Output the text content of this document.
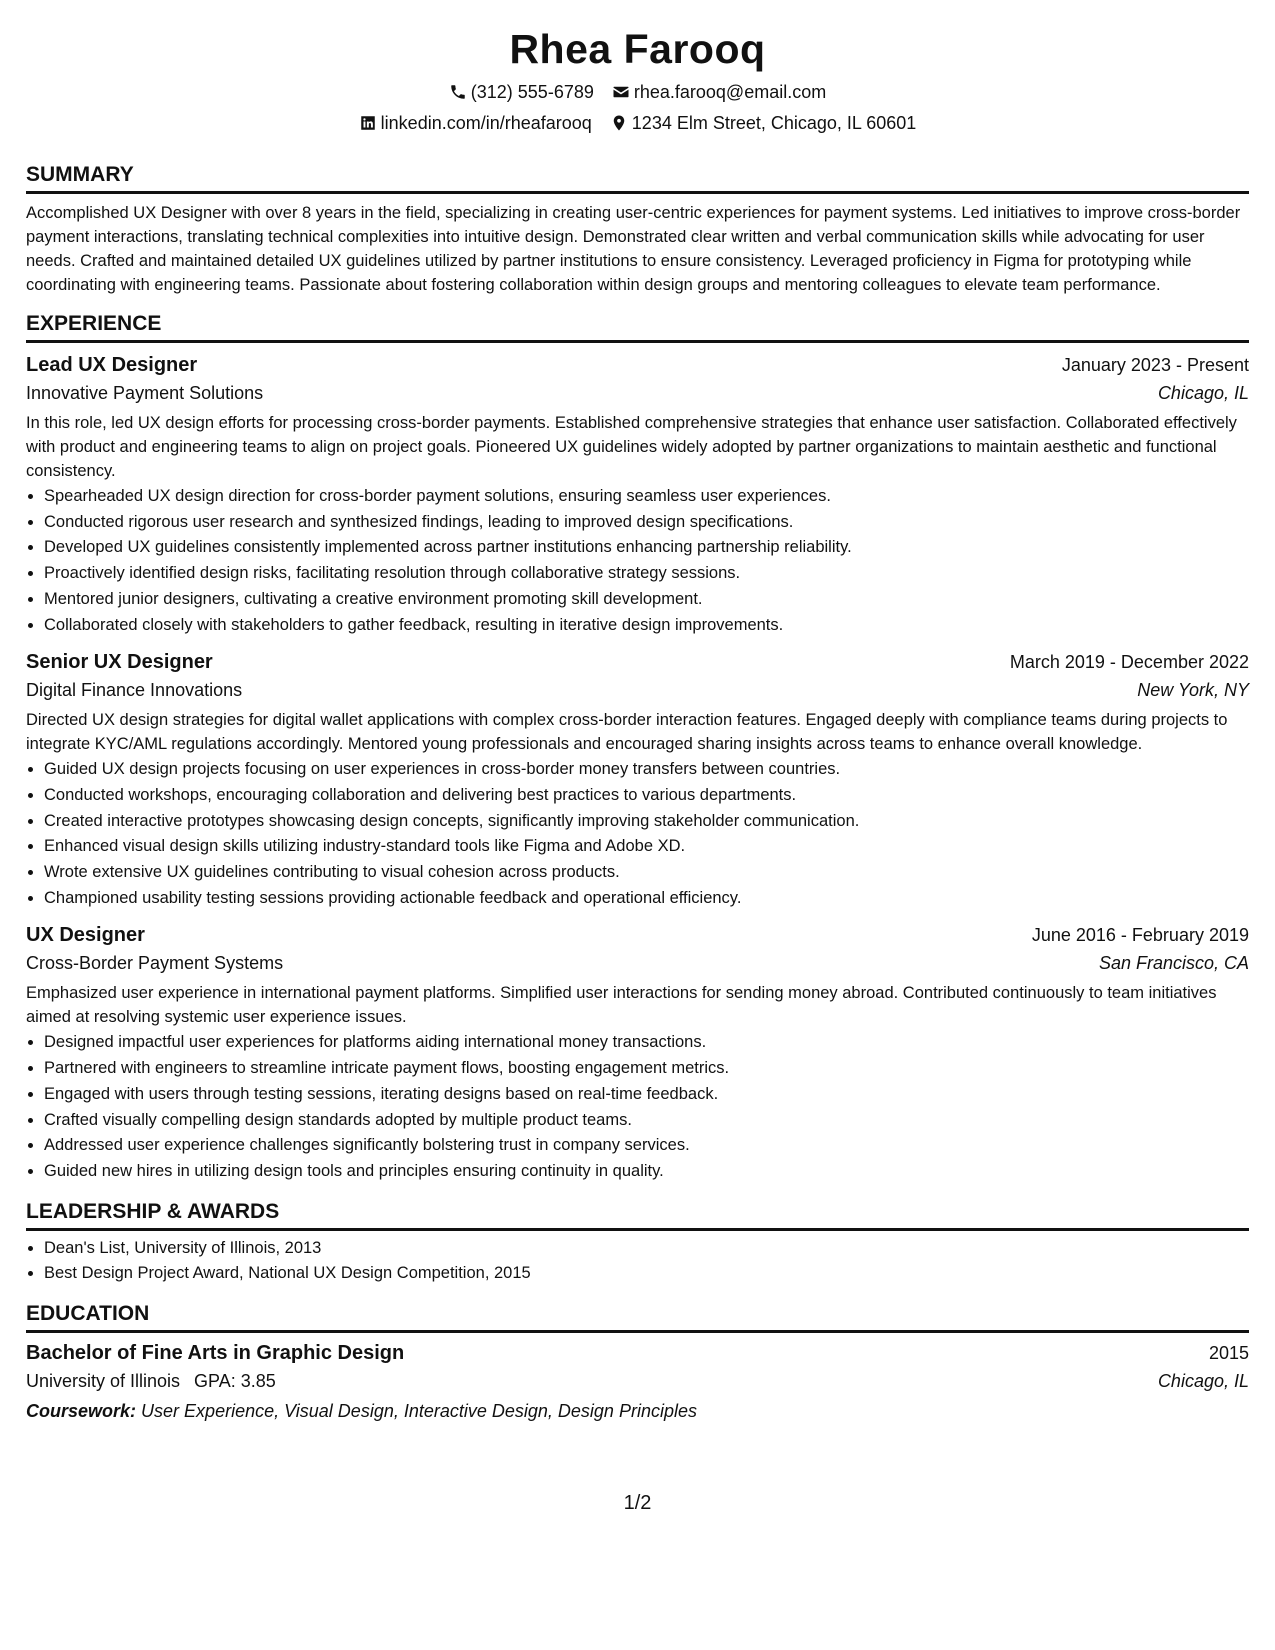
Rhea Farooq
(312) 555-6789 rhea.farooq@email.com
linkedin.com/in/rheafarooq 1234 Elm Street, Chicago, IL 60601
SUMMARY

Accomplished UX Designer with over 8 years in the field, specializing in creating user-centric experiences for payment systems. Led initiatives to improve cross-border payment interactions, translating technical complexities into intuitive design. Demonstrated clear written and verbal communication skills while advocating for user needs. Crafted and maintained detailed UX guidelines utilized by partner institutions to ensure consistency. Leveraged proficiency in Figma for prototyping while coordinating with engineering teams. Passionate about fostering collaboration within design groups and mentoring colleagues to elevate team performance.

EXPERIENCE
Lead UX Designer	January 2023 - Present
Innovative Payment Solutions	Chicago, IL

In this role, led UX design efforts for processing cross-border payments. Established comprehensive strategies that enhance user satisfaction. Collaborated effectively with product and engineering teams to align on project goals. Pioneered UX guidelines widely adopted by partner organizations to maintain aesthetic and functional consistency.

• Spearheaded UX design direction for cross-border payment solutions, ensuring seamless user experiences.
• Conducted rigorous user research and synthesized findings, leading to improved design specifications.
• Developed UX guidelines consistently implemented across partner institutions enhancing partnership reliability.
• Proactively identified design risks, facilitating resolution through collaborative strategy sessions.
• Mentored junior designers, cultivating a creative environment promoting skill development.
• Collaborated closely with stakeholders to gather feedback, resulting in iterative design improvements.
Senior UX Designer	March 2019 - December 2022
Digital Finance Innovations	New York, NY

Directed UX design strategies for digital wallet applications with complex cross-border interaction features. Engaged deeply with compliance teams during projects to integrate KYC/AML regulations accordingly. Mentored young professionals and encouraged sharing insights across teams to enhance overall knowledge.

• Guided UX design projects focusing on user experiences in cross-border money transfers between countries.
• Conducted workshops, encouraging collaboration and delivering best practices to various departments.
• Created interactive prototypes showcasing design concepts, significantly improving stakeholder communication.
• Enhanced visual design skills utilizing industry-standard tools like Figma and Adobe XD.
• Wrote extensive UX guidelines contributing to visual cohesion across products.
• Championed usability testing sessions providing actionable feedback and operational efficiency.
UX Designer	June 2016 - February 2019
Cross-Border Payment Systems	San Francisco, CA

Emphasized user experience in international payment platforms. Simplified user interactions for sending money abroad. Contributed continuously to team initiatives aimed at resolving systemic user experience issues.

• Designed impactful user experiences for platforms aiding international money transactions.
• Partnered with engineers to streamline intricate payment flows, boosting engagement metrics.
• Engaged with users through testing sessions, iterating designs based on real-time feedback.
• Crafted visually compelling design standards adopted by multiple product teams.
• Addressed user experience challenges significantly bolstering trust in company services.
• Guided new hires in utilizing design tools and principles ensuring continuity in quality.
LEADERSHIP & AWARDS
• Dean's List, University of Illinois, 2013
• Best Design Project Award, National UX Design Competition, 2015
EDUCATION
Bachelor of Fine Arts in Graphic Design	2015
University of Illinois GPA: 3.85	Chicago, IL
Coursework: User Experience, Visual Design, Interactive Design, Design Principles
1/2
